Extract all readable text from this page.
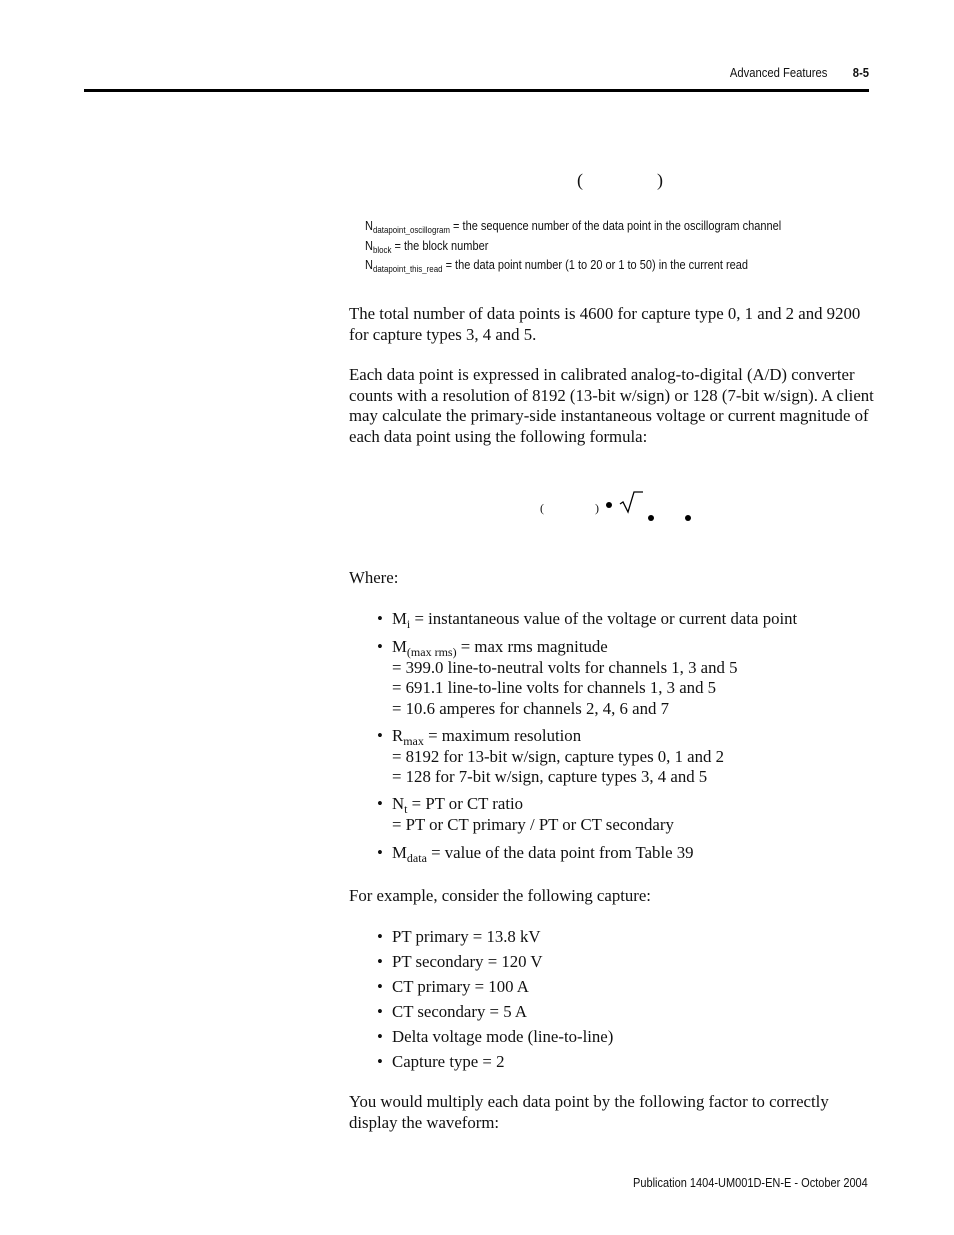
Advanced Features 8-5
(	)
$N_{datapoint\_oscillogram}$ = the sequence number of the data point in the oscillogram channel
$N_{block}$ = the block number
$N_{datapoint\_this\_read}$ = the data point number (1 to 20 or 1 to 50) in the current read

The total number of data points is 4600 for capture type 0, 1 and 2 and 9200 for capture types 3, 4 and 5.

Each data point is expressed in calibrated analog-to-digital (A/D) converter counts with a resolution of 8192 (13-bit w/sign) or 128 (7-bit w/sign). A client may calculate the primary-side instantaneous voltage or current magnitude of each data point using the following formula:

(	)

Where:

• $M_i$ = instantaneous value of the voltage or current data point
• $M_{(max rms)} = \max$ rms magnitude
= 399.0 line-to-neutral volts for channels 1, 3 and 5
= 691.1 line-to-line volts for channels 1, 3 and 5
= 10.6 amperes for channels 2, 4, 6 and 7
• $R_{max}$ = maximum resolution
= 8192 for 13-bit w/sign, capture types 0, 1 and 2
= 128 for 7-bit w/sign, capture types 3, 4 and 5
• $N_t$ = PT or CT ratio
= PT or CT primary / PT or CT secondary
• $M_{data}$ = value of the data point from Table 39

For example, consider the following capture:

• PT primary = 13.8 kV
• PT secondary = 120 V
• CT primary = 100 A
• CT secondary = 5 A
• Delta voltage mode (line-to-line)
• Capture type = 2

You would multiply each data point by the following factor to correctly display the waveform:

Publication 1404-UM001D-EN-E - October 2004
